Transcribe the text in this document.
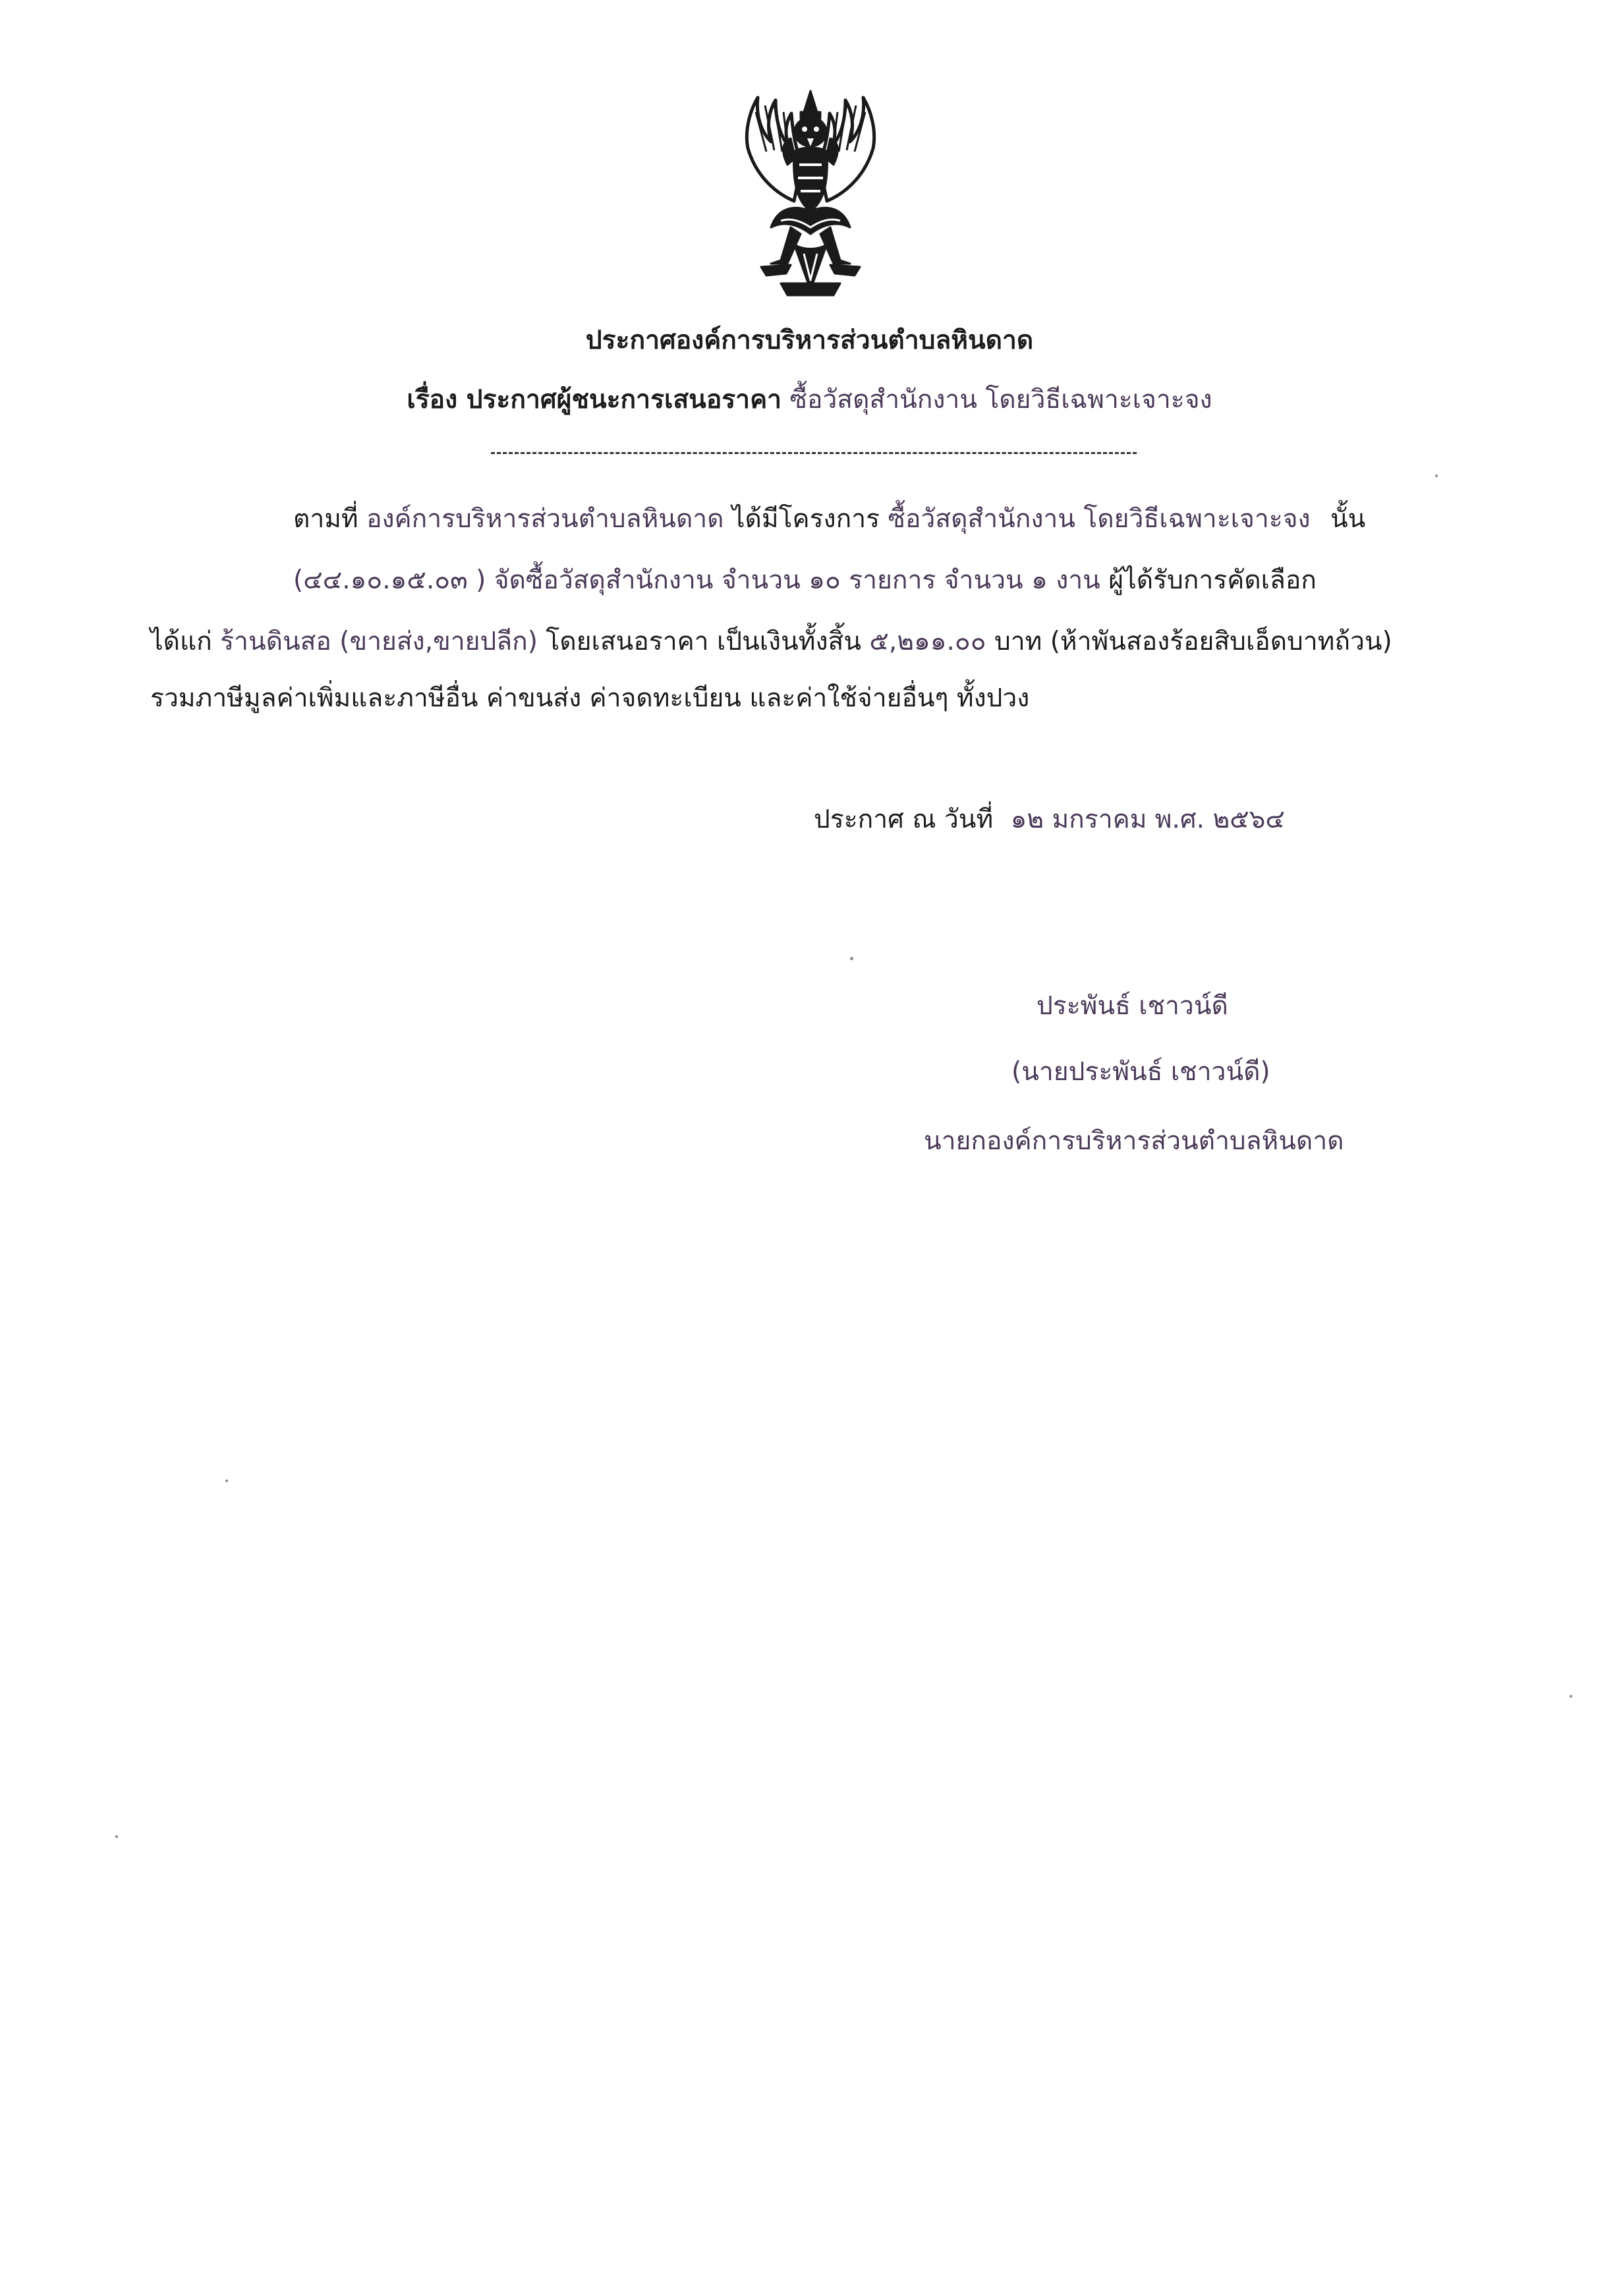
ประกาศองค์การบริหารส่วนตำบลหินดาด
เรื่อง ประกาศผู้ชนะการเสนอราคา ซื้อวัสดุสำนักงาน โดยวิธีเฉพาะเจาะจง
ตามที่ องค์การบริหารส่วนตำบลหินดาด ได้มีโครงการ ซื้อวัสดุสำนักงาน โดยวิธีเฉพาะเจาะจง นั้น
(๔๔.๑๐.๑๕.๐๓ ) จัดซื้อวัสดุสำนักงาน จำนวน ๑๐ รายการ จำนวน ๑ งาน ผู้ได้รับการคัดเลือก
ได้แก่ ร้านดินสอ (ขายส่ง,ขายปลีก) โดยเสนอราคา เป็นเงินทั้งสิ้น ๕,๒๑๑.๐๐ บาท (ห้าพันสองร้อยสิบเอ็ดบาทถ้วน)
รวมภาษีมูลค่าเพิ่มและภาษีอื่น ค่าขนส่ง ค่าจดทะเบียน และค่าใช้จ่ายอื่นๆ ทั้งปวง
ประกาศ ณ วันที่ ๑๒ มกราคม พ.ศ. ๒๕๖๔
ประพันธ์ เชาวน์ดี
(นายประพันธ์ เชาวน์ดี)
นายกองค์การบริหารส่วนตำบลหินดาด
